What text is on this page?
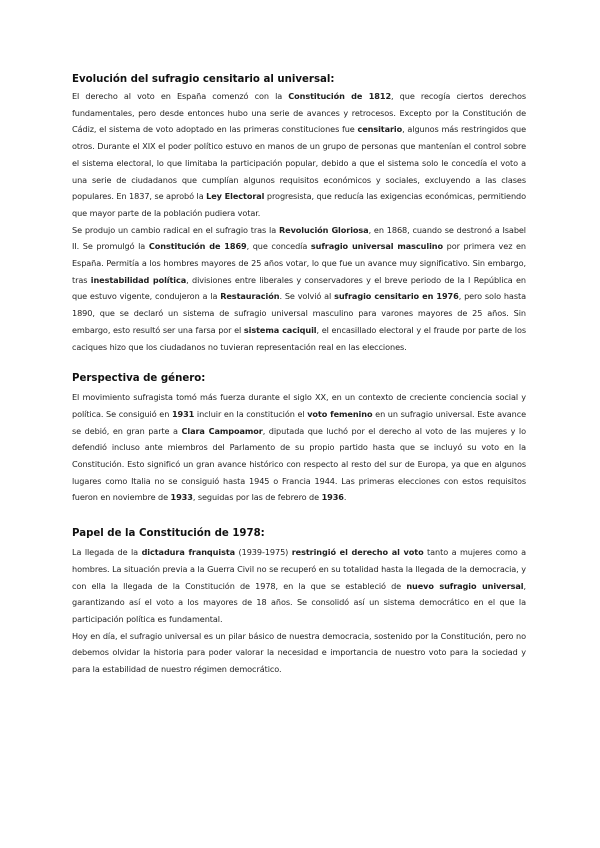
Evolución del sufragio censitario al universal:

El derecho al voto en España comenzó con la Constitución de 1812, que recogía ciertos derechos fundamentales, pero desde entonces hubo una serie de avances y retrocesos. Excepto por la Constitución de Cádiz, el sistema de voto adoptado en las primeras constituciones fue censitario, algunos más restringidos que otros. Durante el XIX el poder político estuvo en manos de un grupo de personas que mantenían el control sobre el sistema electoral, lo que limitaba la participación popular, debido a que el sistema solo le concedía el voto a una serie de ciudadanos que cumplían algunos requisitos económicos y sociales, excluyendo a las clases populares. En 1837, se aprobó la Ley Electoral progresista, que reducía las exigencias económicas, permitiendo que mayor parte de la población pudiera votar.

Se produjo un cambio radical en el sufragio tras la Revolución Gloriosa, en 1868, cuando se destronó a Isabel II. Se promulgó la Constitución de 1869, que concedía sufragio universal masculino por primera vez en España. Permitía a los hombres mayores de 25 años votar, lo que fue un avance muy significativo. Sin embargo, tras inestabilidad política, divisiones entre liberales y conservadores y el breve periodo de la I República en que estuvo vigente, condujeron a la Restauración. Se volvió al sufragio censitario en 1976, pero solo hasta 1890, que se declaró un sistema de sufragio universal masculino para varones mayores de 25 años. Sin embargo, esto resultó ser una farsa por el sistema caciquil, el encasillado electoral y el fraude por parte de los caciques hizo que los ciudadanos no tuvieran representación real en las elecciones.

Perspectiva de género:

El movimiento sufragista tomó más fuerza durante el siglo XX, en un contexto de creciente conciencia social y política. Se consiguió en 1931 incluir en la constitución el voto femenino en un sufragio universal. Este avance se debió, en gran parte a Clara Campoamor, diputada que luchó por el derecho al voto de las mujeres y lo defendió incluso ante miembros del Parlamento de su propio partido hasta que se incluyó su voto en la Constitución. Esto significó un gran avance histórico con respecto al resto del sur de Europa, ya que en algunos lugares como Italia no se consiguió hasta 1945 o Francia 1944. Las primeras elecciones con estos requisitos fueron en noviembre de 1933, seguidas por las de febrero de 1936.

Papel de la Constitución de 1978:

La llegada de la dictadura franquista (1939-1975) restringió el derecho al voto tanto a mujeres como a hombres. La situación previa a la Guerra Civil no se recuperó en su totalidad hasta la llegada de la democracia, y con ella la llegada de la Constitución de 1978, en la que se estableció de nuevo sufragio universal, garantizando así el voto a los mayores de 18 años. Se consolidó así un sistema democrático en el que la participación política es fundamental.

Hoy en día, el sufragio universal es un pilar básico de nuestra democracia, sostenido por la Constitución, pero no debemos olvidar la historia para poder valorar la necesidad e importancia de nuestro voto para la sociedad y para la estabilidad de nuestro régimen democrático.
